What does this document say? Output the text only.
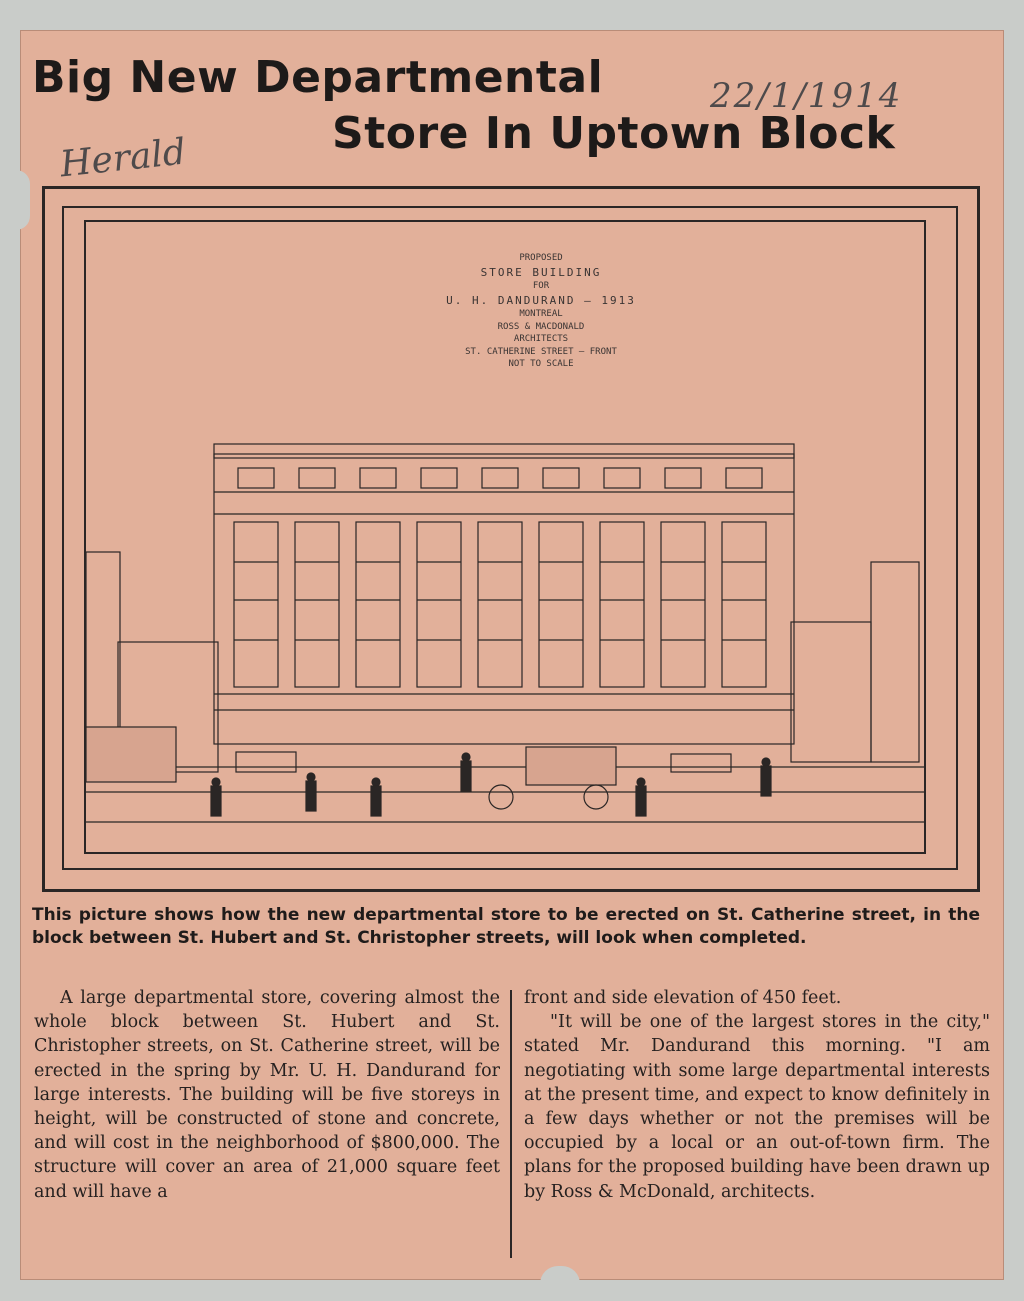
Big New Departmental
Store In Uptown Block
22/1/1914
Herald
PROPOSED
STORE BUILDING
FOR
U. H. DANDURAND — 1913
MONTREAL
ROSS & MACDONALD
ARCHITECTS
ST. CATHERINE STREET — FRONT
NOT TO SCALE
This picture shows how the new departmental store to be erected on St. Catherine street, in the block between St. Hubert and St. Christopher streets, will look when completed.
A large departmental store, covering almost the whole block between St. Hubert and St. Christopher streets, on St. Catherine street, will be erected in the spring by Mr. U. H. Dandurand for large interests. The building will be five storeys in height, will be constructed of stone and concrete, and will cost in the neighborhood of $800,000. The structure will cover an area of 21,000 square feet and will have a
front and side elevation of 450 feet.
"It will be one of the largest stores in the city," stated Mr. Dandurand this morning. "I am negotiating with some large departmental interests at the present time, and expect to know definitely in a few days whether or not the premises will be occupied by a local or an out-of-town firm. The plans for the proposed building have been drawn up by Ross & McDonald, architects.
